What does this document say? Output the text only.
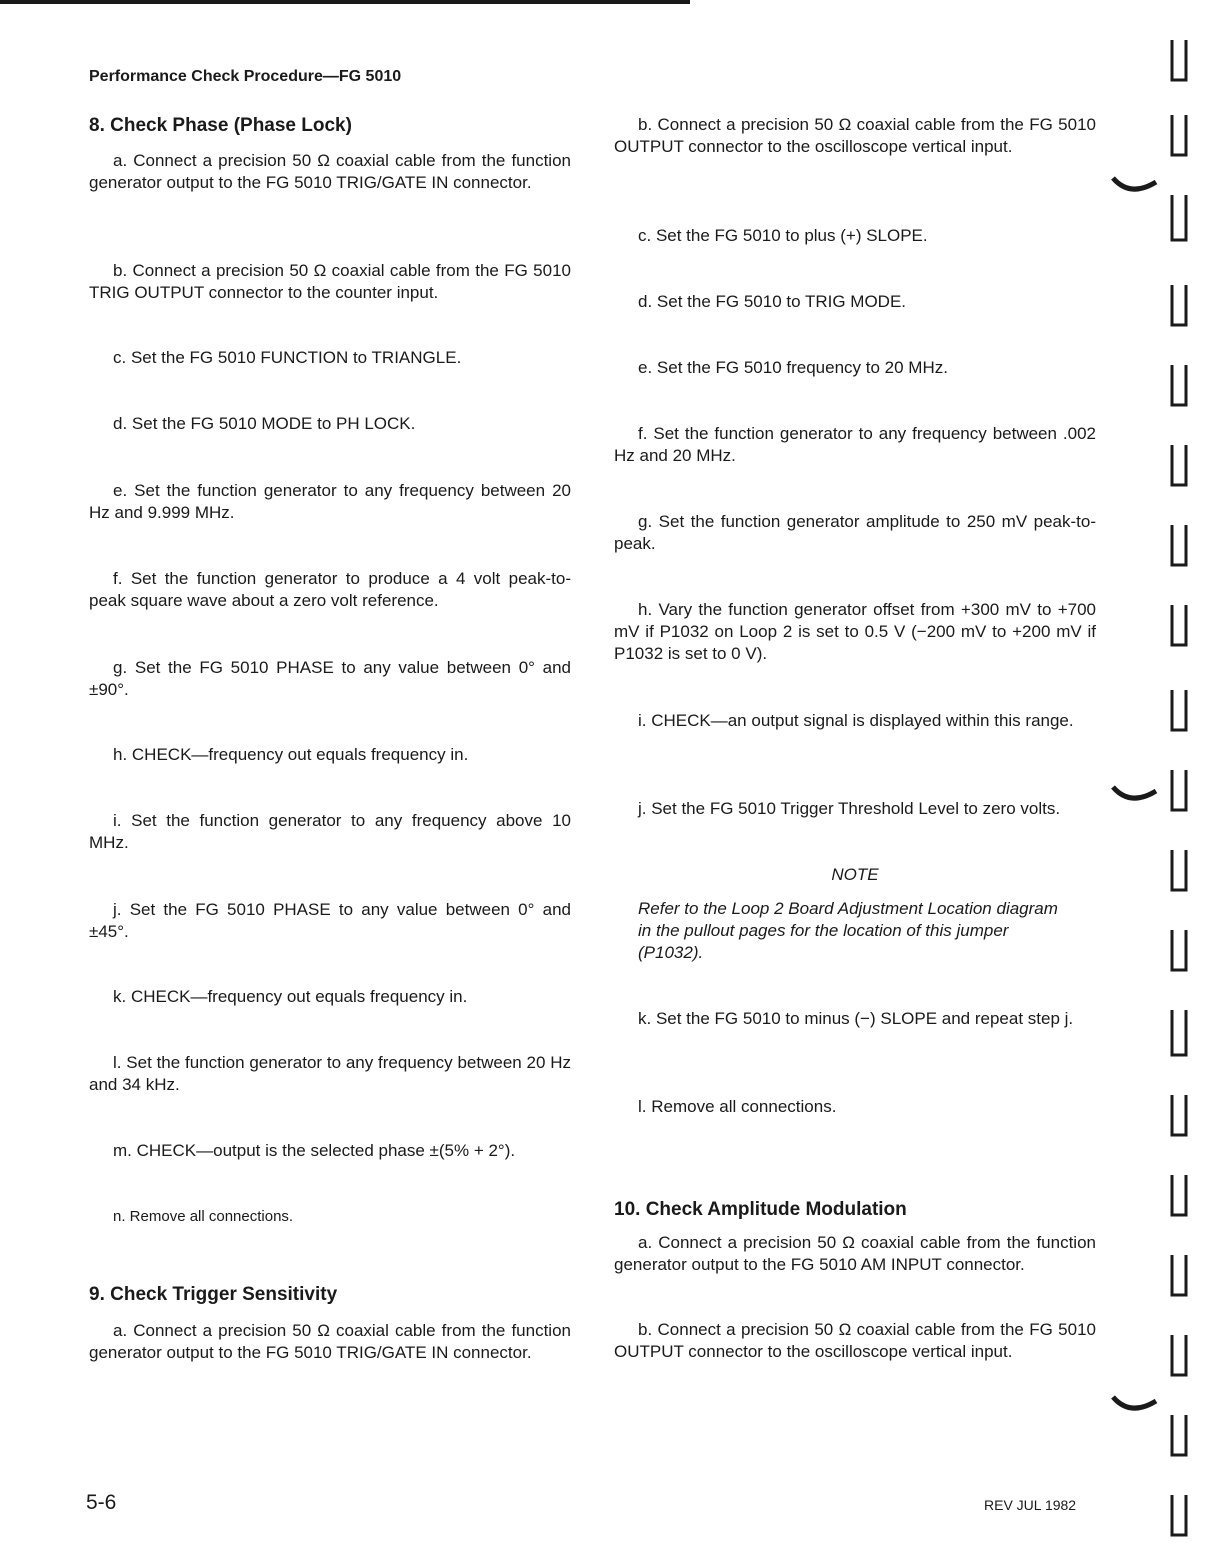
Performance Check Procedure—FG 5010
8. Check Phase (Phase Lock)
a. Connect a precision 50 Ω coaxial cable from the function generator output to the FG 5010 TRIG/GATE IN connector.
b. Connect a precision 50 Ω coaxial cable from the FG 5010 TRIG OUTPUT connector to the counter input.
c. Set the FG 5010 FUNCTION to TRIANGLE.
d. Set the FG 5010 MODE to PH LOCK.
e. Set the function generator to any frequency between 20 Hz and 9.999 MHz.
f. Set the function generator to produce a 4 volt peak-to-peak square wave about a zero volt reference.
g. Set the FG 5010 PHASE to any value between 0° and ±90°.
h. CHECK—frequency out equals frequency in.
i. Set the function generator to any frequency above 10 MHz.
j. Set the FG 5010 PHASE to any value between 0° and ±45°.
k. CHECK—frequency out equals frequency in.
l. Set the function generator to any frequency between 20 Hz and 34 kHz.
m. CHECK—output is the selected phase ±(5% + 2°).
n. Remove all connections.
9. Check Trigger Sensitivity
a. Connect a precision 50 Ω coaxial cable from the function generator output to the FG 5010 TRIG/GATE IN connector.
b. Connect a precision 50 Ω coaxial cable from the FG 5010 OUTPUT connector to the oscilloscope vertical input.
c. Set the FG 5010 to plus (+) SLOPE.
d. Set the FG 5010 to TRIG MODE.
e. Set the FG 5010 frequency to 20 MHz.
f. Set the function generator to any frequency between .002 Hz and 20 MHz.
g. Set the function generator amplitude to 250 mV peak-to-peak.
h. Vary the function generator offset from +300 mV to +700 mV if P1032 on Loop 2 is set to 0.5 V (−200 mV to +200 mV if P1032 is set to 0 V).
i. CHECK—an output signal is displayed within this range.
j. Set the FG 5010 Trigger Threshold Level to zero volts.
NOTE
Refer to the Loop 2 Board Adjustment Location diagram in the pullout pages for the location of this jumper (P1032).
k. Set the FG 5010 to minus (−) SLOPE and repeat step j.
l. Remove all connections.
10. Check Amplitude Modulation
a. Connect a precision 50 Ω coaxial cable from the function generator output to the FG 5010 AM INPUT connector.
b. Connect a precision 50 Ω coaxial cable from the FG 5010 OUTPUT connector to the oscilloscope vertical input.
5-6	REV JUL 1982
